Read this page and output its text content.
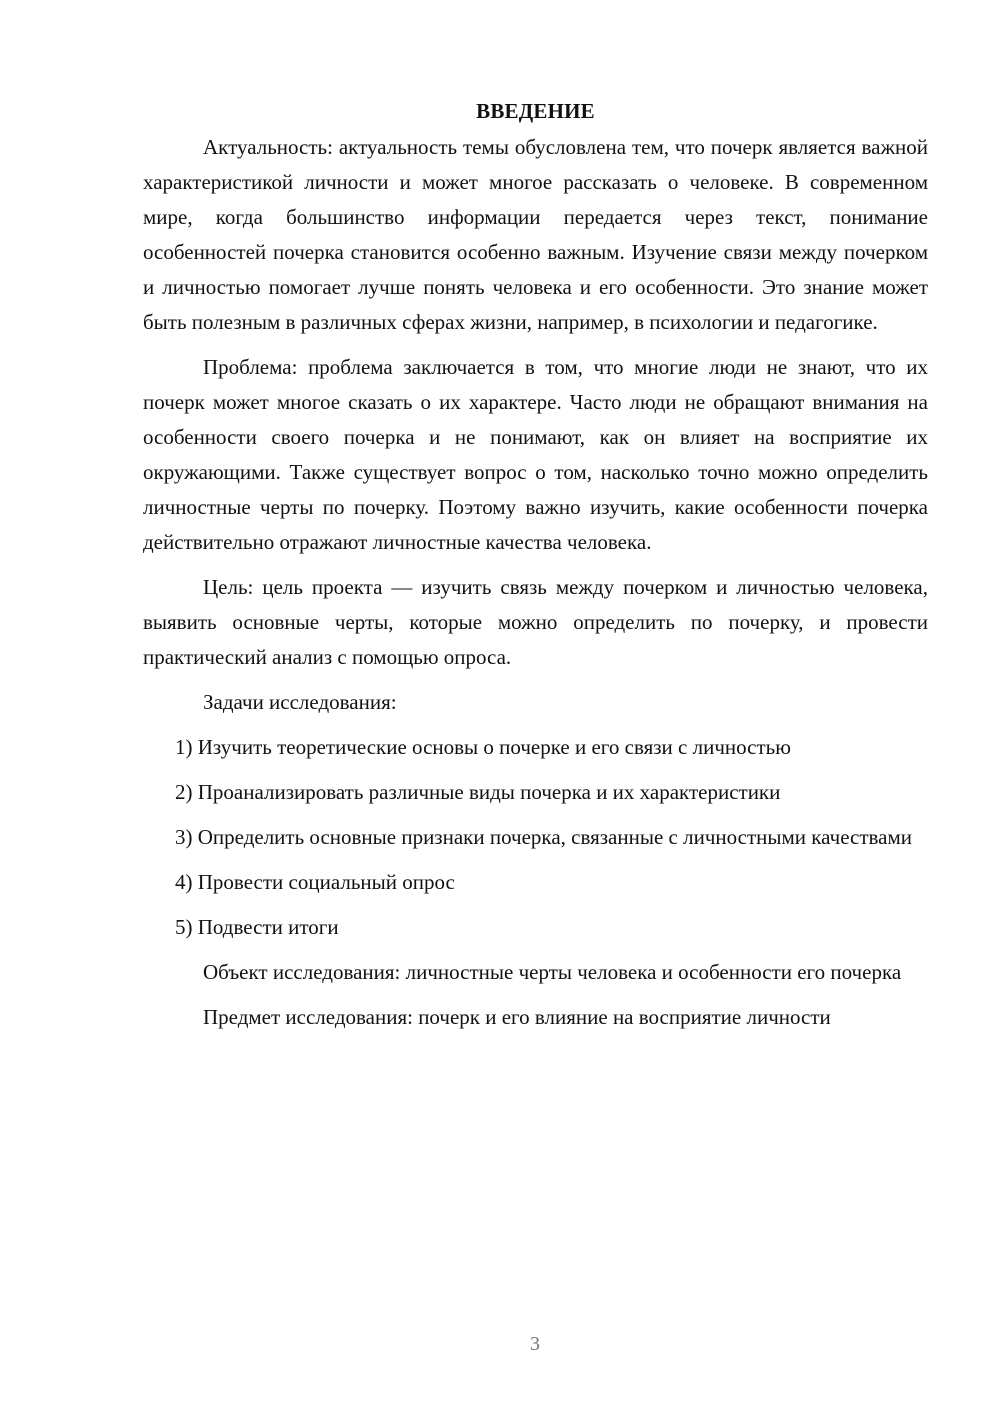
ВВЕДЕНИЕ

Актуальность: актуальность темы обусловлена тем, что почерк является важной характеристикой личности и может многое рассказать о человеке. В современном мире, когда большинство информации передается через текст, понимание особенностей почерка становится особенно важным. Изучение связи между почерком и личностью помогает лучше понять человека и его особенности. Это знание может быть полезным в различных сферах жизни, например, в психологии и педагогике.

Проблема: проблема заключается в том, что многие люди не знают, что их почерк может многое сказать о их характере. Часто люди не обращают внимания на особенности своего почерка и не понимают, как он влияет на восприятие их окружающими. Также существует вопрос о том, насколько точно можно определить личностные черты по почерку. Поэтому важно изучить, какие особенности почерка действительно отражают личностные качества человека.

Цель: цель проекта — изучить связь между почерком и личностью человека, выявить основные черты, которые можно определить по почерку, и провести практический анализ с помощью опроса.

Задачи исследования:

1) Изучить теоретические основы о почерке и его связи с личностью

2) Проанализировать различные виды почерка и их характеристики

3) Определить основные признаки почерка, связанные с личностными качествами

4) Провести социальный опрос

5) Подвести итоги

Объект исследования: личностные черты человека и особенности его почерка

Предмет исследования: почерк и его влияние на восприятие личности

3
